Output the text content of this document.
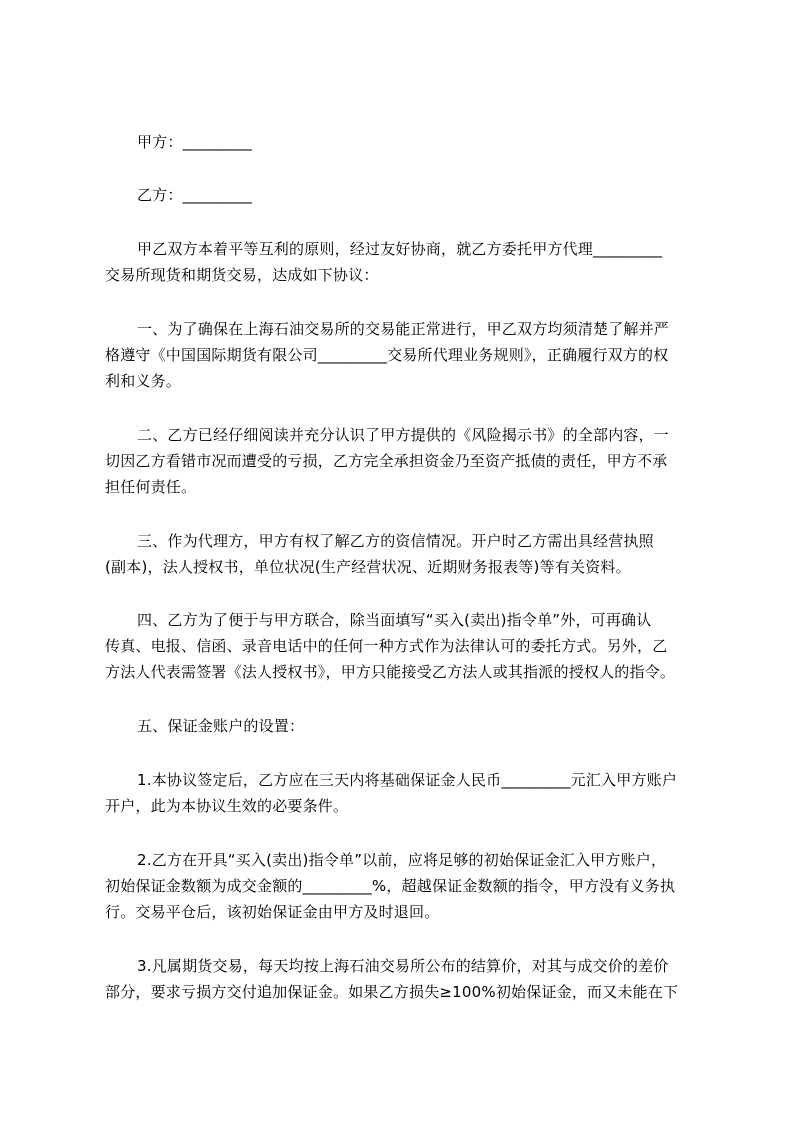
甲方：_________
乙方：_________
甲乙双方本着平等互利的原则，经过友好协商，就乙方委托甲方代理_________
交易所现货和期货交易，达成如下协议：
一、为了确保在上海石油交易所的交易能正常进行，甲乙双方均须清楚了解并严
格遵守《中国国际期货有限公司_________交易所代理业务规则》，正确履行双方的权
利和义务。
二、乙方已经仔细阅读并充分认识了甲方提供的《风险揭示书》的全部内容，一
切因乙方看错市况而遭受的亏损，乙方完全承担资金乃至资产抵债的责任，甲方不承
担任何责任。
三、作为代理方，甲方有权了解乙方的资信情况。开户时乙方需出具经营执照
(副本)，法人授权书，单位状况(生产经营状况、近期财务报表等)等有关资料。
四、乙方为了便于与甲方联合，除当面填写“买入(卖出)指令单”外，可再确认
传真、电报、信函、录音电话中的任何一种方式作为法律认可的委托方式。另外，乙
方法人代表需签署《法人授权书》，甲方只能接受乙方法人或其指派的授权人的指令。
五、保证金账户的设置：
1.本协议签定后，乙方应在三天内将基础保证金人民币_________元汇入甲方账户
开户，此为本协议生效的必要条件。
2.乙方在开具“买入(卖出)指令单”以前，应将足够的初始保证金汇入甲方账户，
初始保证金数额为成交金额的_________%，超越保证金数额的指令，甲方没有义务执
行。交易平仓后，该初始保证金由甲方及时退回。
3.凡属期货交易，每天均按上海石油交易所公布的结算价，对其与成交价的差价
部分，要求亏损方交付追加保证金。如果乙方损失≥100%初始保证金，而又未能在下
